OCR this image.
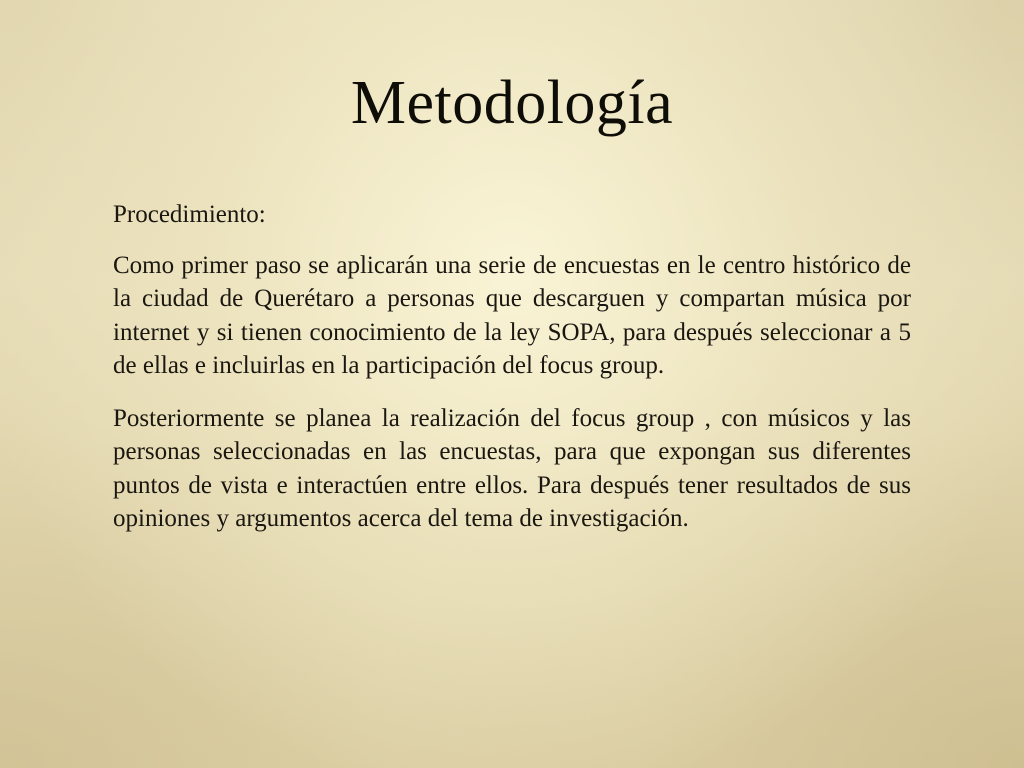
Metodología

Procedimiento:

Como primer paso se aplicarán una serie de encuestas en le centro histórico de la ciudad de Querétaro a personas que descarguen y compartan música por internet y si tienen conocimiento de la ley SOPA, para después seleccionar a 5 de ellas e incluirlas en la participación del focus group.

Posteriormente se planea la realización del focus group , con músicos y las personas seleccionadas en las encuestas, para que expongan sus diferentes puntos de vista e interactúen entre ellos. Para después tener resultados de sus opiniones y argumentos acerca del tema de investigación.
